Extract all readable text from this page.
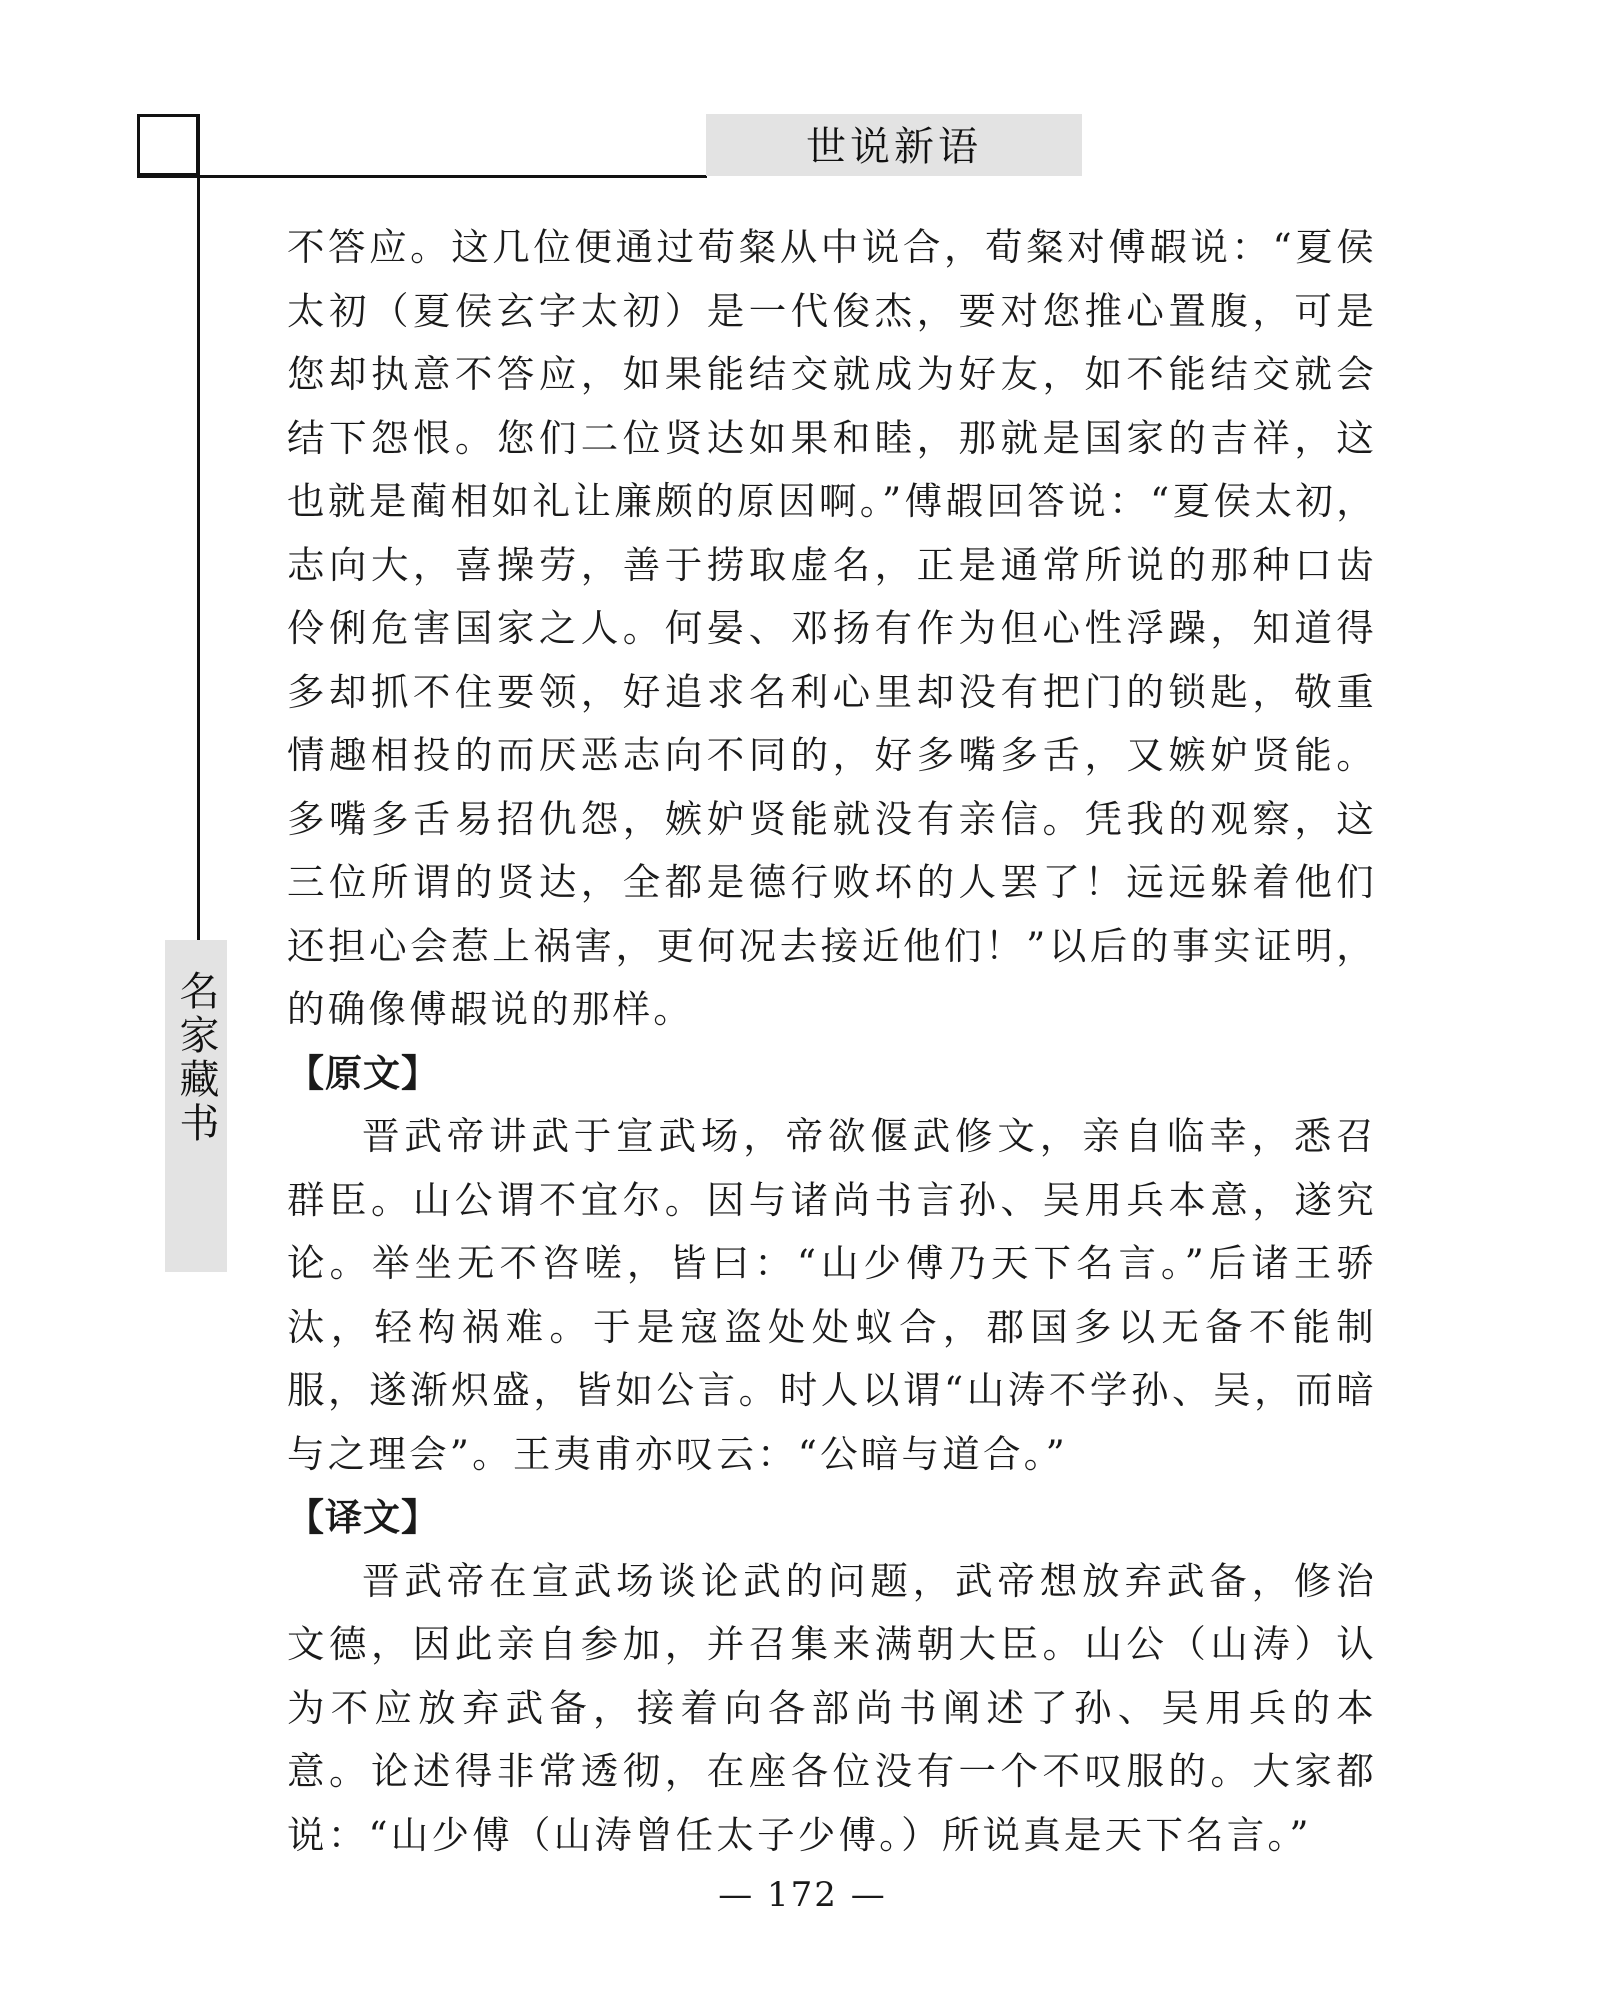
世说新语
名家藏书

不答应。这几位便通过荀粲从中说合，荀粲对傅嘏说：“夏侯太初（夏侯玄字太初）是一代俊杰，要对您推心置腹，可是您却执意不答应，如果能结交就成为好友，如不能结交就会结下怨恨。您们二位贤达如果和睦，那就是国家的吉祥，这也就是蔺相如礼让廉颇的原因啊。”傅嘏回答说：“夏侯太初，志向大，喜操劳，善于捞取虚名，正是通常所说的那种口齿伶俐危害国家之人。何晏、邓扬有作为但心性浮躁，知道得多却抓不住要领，好追求名利心里却没有把门的锁匙，敬重情趣相投的而厌恶志向不同的，好多嘴多舌，又嫉妒贤能。多嘴多舌易招仇怨，嫉妒贤能就没有亲信。凭我的观察，这三位所谓的贤达，全都是德行败坏的人罢了！远远躲着他们还担心会惹上祸害，更何况去接近他们！”以后的事实证明，的确像傅嘏说的那样。

【原文】

晋武帝讲武于宣武场，帝欲偃武修文，亲自临幸，悉召群臣。山公谓不宜尔。因与诸尚书言孙、吴用兵本意，遂究论。举坐无不咨嗟，皆曰：“山少傅乃天下名言。”后诸王骄汰，轻构祸难。于是寇盗处处蚁合，郡国多以无备不能制服，遂渐炽盛，皆如公言。时人以谓“山涛不学孙、吴，而暗与之理会”。王夷甫亦叹云：“公暗与道合。”

【译文】

晋武帝在宣武场谈论武的问题，武帝想放弃武备，修治文德，因此亲自参加，并召集来满朝大臣。山公（山涛）认为不应放弃武备，接着向各部尚书阐述了孙、吴用兵的本意。论述得非常透彻，在座各位没有一个不叹服的。大家都说：“山少傅（山涛曾任太子少傅。）所说真是天下名言。”

— 172 —
